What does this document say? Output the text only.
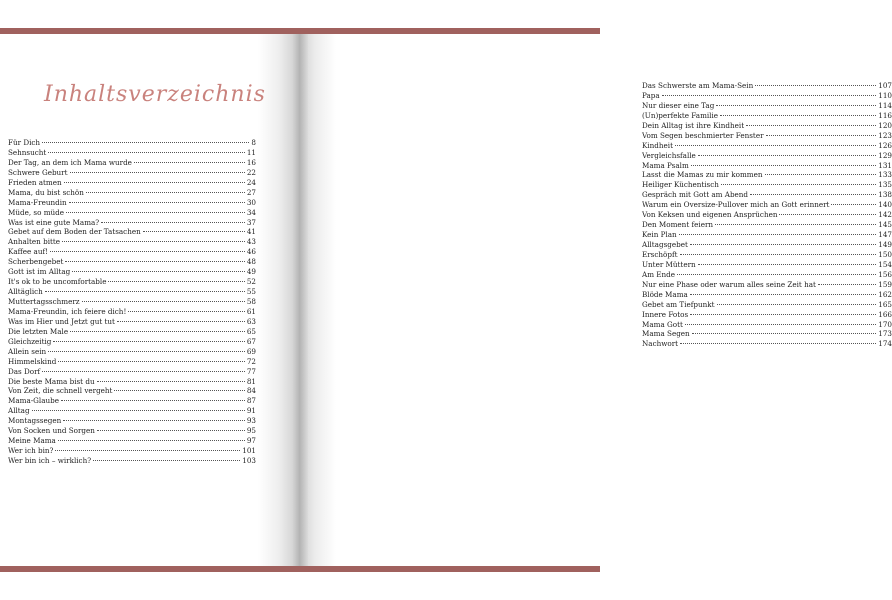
Inhaltsverzeichnis
Für Dich	8
Sehnsucht	11
Der Tag, an dem ich Mama wurde	16
Schwere Geburt	22
Frieden atmen	24
Mama, du bist schön	27
Mama-Freundin	30
Müde, so müde	34
Was ist eine gute Mama?	37
Gebet auf dem Boden der Tatsachen	41
Anhalten bitte	43
Kaffee auf!	46
Scherbengebet	48
Gott ist im Alltag	49
It's ok to be uncomfortable	52
Alltäglich	55
Muttertagsschmerz	58
Mama-Freundin, ich feiere dich!	61
Was im Hier und Jetzt gut tut	63
Die letzten Male	65
Gleichzeitig	67
Allein sein	69
Himmelskind	72
Das Dorf	77
Die beste Mama bist du	81
Von Zeit, die schnell vergeht	84
Mama-Glaube	87
Alltag	91
Montagssegen	93
Von Socken und Sorgen	95
Meine Mama	97
Wer ich bin?	101
Wer bin ich – wirklich?	103
Das Schwerste am Mama-Sein	107
Papa	110
Nur dieser eine Tag	114
(Un)perfekte Familie	116
Dein Alltag ist ihre Kindheit	120
Vom Segen beschmierter Fenster	123
Kindheit	126
Vergleichsfalle	129
Mama Psalm	131
Lasst die Mamas zu mir kommen	133
Heiliger Küchentisch	135
Gespräch mit Gott am Abend	138
Warum ein Oversize-Pullover mich an Gott erinnert	140
Von Keksen und eigenen Ansprüchen	142
Den Moment feiern	145
Kein Plan	147
Alltagsgebet	149
Erschöpft	150
Unter Müttern	154
Am Ende	156
Nur eine Phase oder warum alles seine Zeit hat	159
Blöde Mama	162
Gebet am Tiefpunkt	165
Innere Fotos	166
Mama Gott	170
Mama Segen	173
Nachwort	174
